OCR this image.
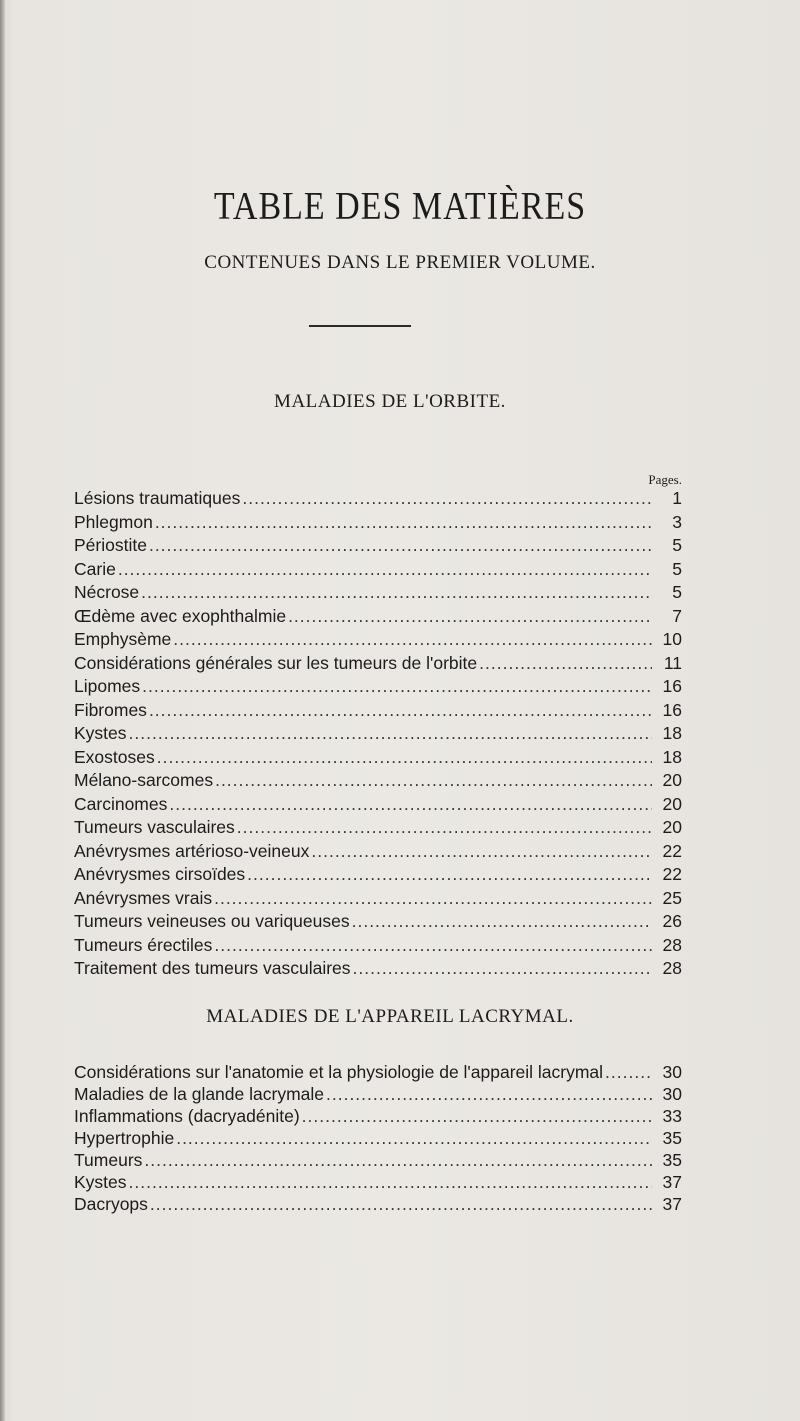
TABLE DES MATIÈRES
CONTENUES DANS LE PREMIER VOLUME.
MALADIES DE L'ORBITE.
Pages.
Lésions traumatiques .....	1
Phlegmon .....	3
Périostite .....	5
Carie .....	5
Nécrose .....	5
Œdème avec exophthalmie .....	7
Emphysème .....	10
Considérations générales sur les tumeurs de l'orbite .....	11
Lipomes .....	16
Fibromes .....	16
Kystes .....	18
Exostoses .....	18
Mélano-sarcomes .....	20
Carcinomes .....	20
Tumeurs vasculaires .....	20
Anévrysmes artérioso-veineux .....	22
Anévrysmes cirsoïdes .....	22
Anévrysmes vrais .....	25
Tumeurs veineuses ou variqueuses .....	26
Tumeurs érectiles .....	28
Traitement des tumeurs vasculaires .....	28
MALADIES DE L'APPAREIL LACRYMAL.
Considérations sur l'anatomie et la physiologie de l'appareil lacrymal .....	30
Maladies de la glande lacrymale .....	30
Inflammations (dacryadénite) .....	33
Hypertrophie .....	35
Tumeurs .....	35
Kystes .....	37
Dacryops .....	37
